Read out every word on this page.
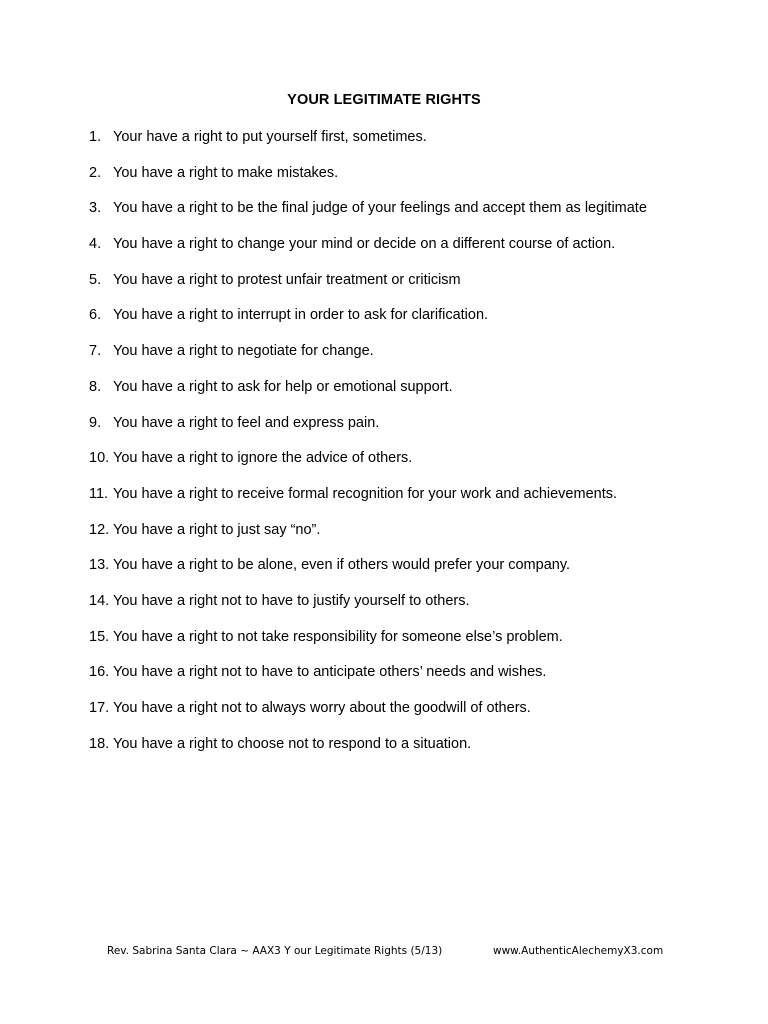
YOUR LEGITIMATE RIGHTS
1. Your have a right to put yourself first, sometimes.
2. You have a right to make mistakes.
3. You have a right to be the final judge of your feelings and accept them as legitimate
4. You have a right to change your mind or decide on a different course of action.
5. You have a right to protest unfair treatment or criticism
6. You have a right to interrupt in order to ask for clarification.
7. You have a right to negotiate for change.
8. You have a right to ask for help or emotional support.
9. You have a right to feel and express pain.
10. You have a right to ignore the advice of others.
11. You have a right to receive formal recognition for your work and achievements.
12. You have a right to just say “no”.
13. You have a right to be alone, even if others would prefer your company.
14. You have a right not to have to justify yourself to others.
15. You have a right to not take responsibility for someone else’s problem.
16. You have a right not to have to anticipate others’ needs and wishes.
17. You have a right not to always worry about the goodwill of others.
18. You have a right to choose not to respond to a situation.
Rev. Sabrina Santa Clara ~ AAX3 Y our Legitimate Rights (5/13)	www.AuthenticAlechemyX3.com
